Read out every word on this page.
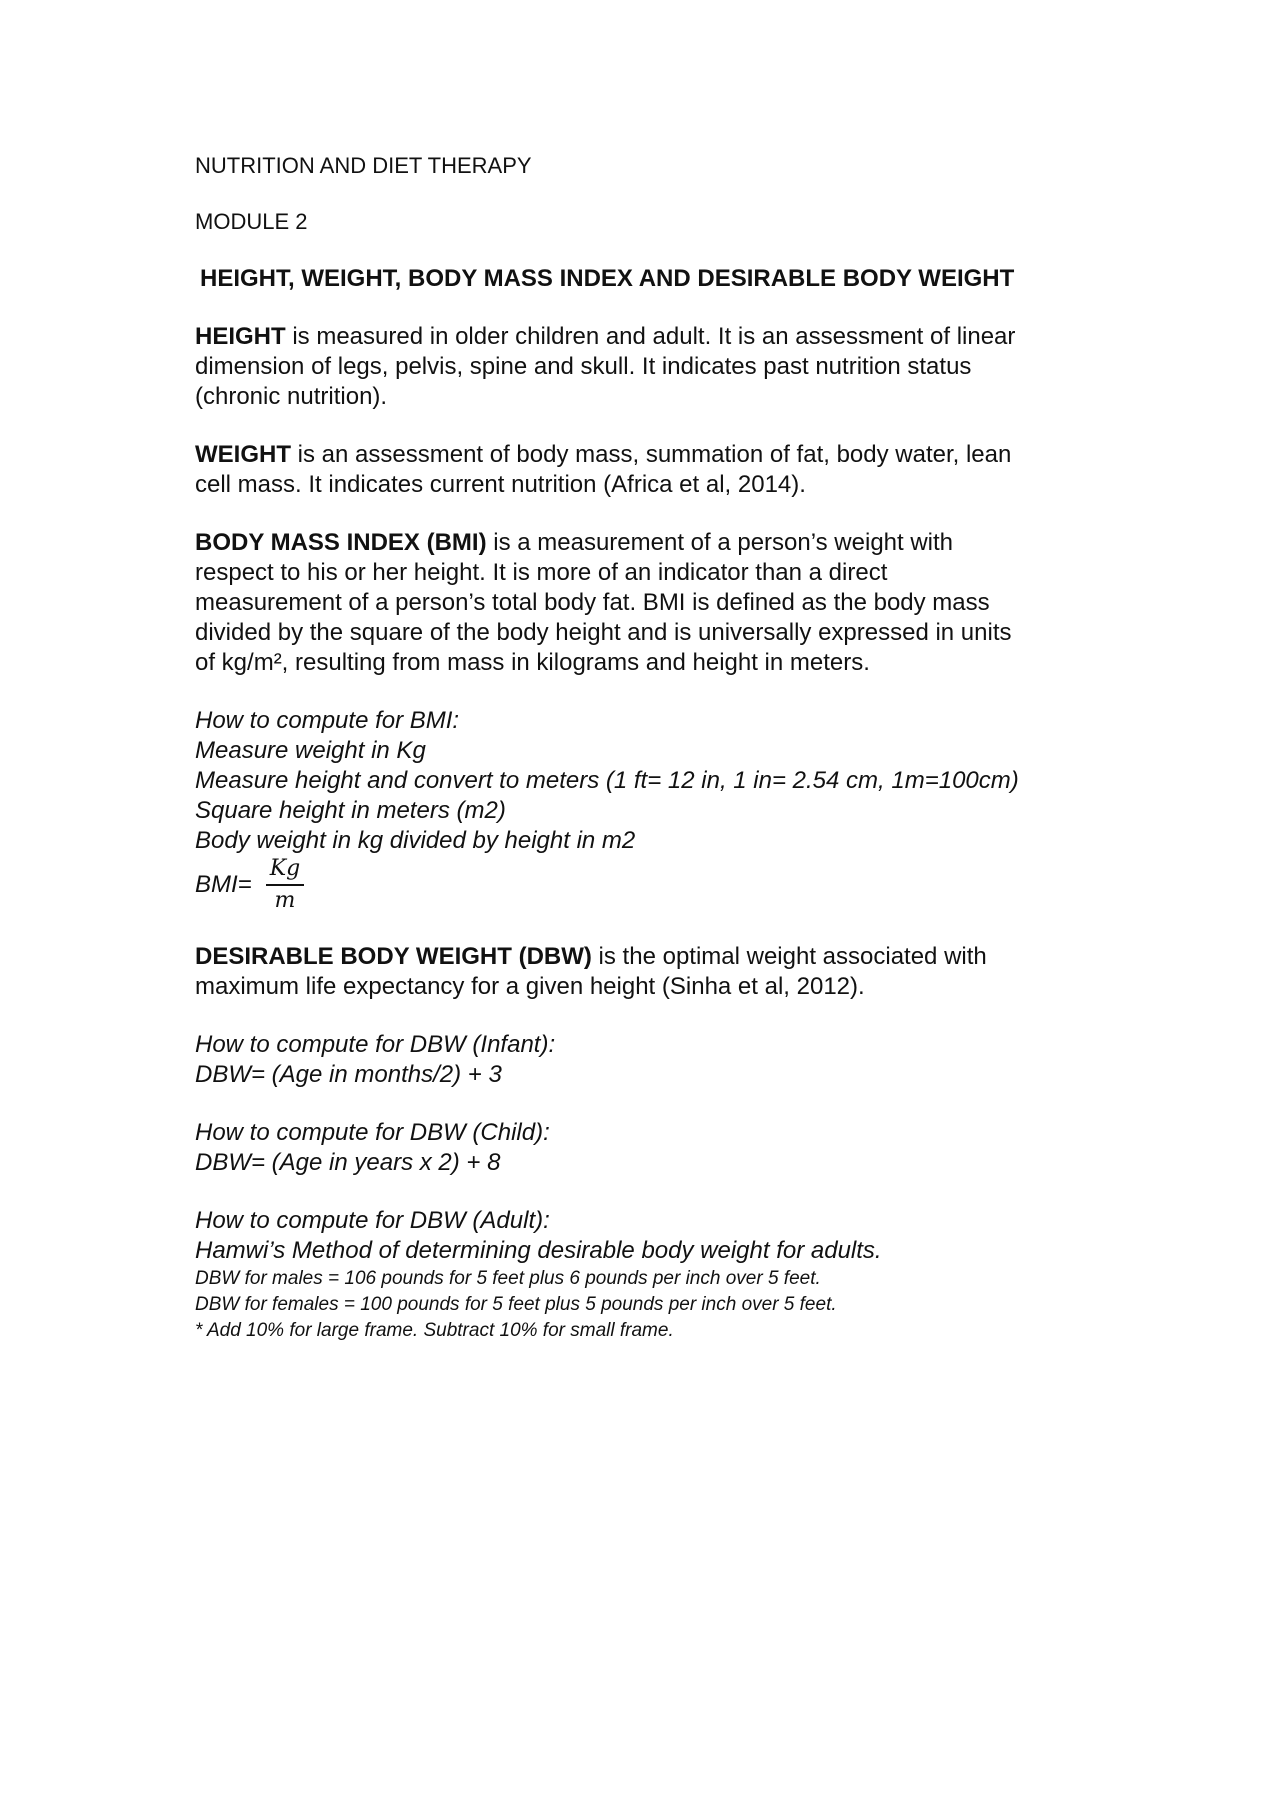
NUTRITION AND DIET THERAPY

MODULE 2

HEIGHT, WEIGHT, BODY MASS INDEX AND DESIRABLE BODY WEIGHT

HEIGHT is measured in older children and adult. It is an assessment of linear

dimension of legs, pelvis, spine and skull. It indicates past nutrition status

(chronic nutrition).

WEIGHT is an assessment of body mass, summation of fat, body water, lean

cell mass. It indicates current nutrition (Africa et al, 2014).

BODY MASS INDEX (BMI) is a measurement of a person’s weight with

respect to his or her height. It is more of an indicator than a direct

measurement of a person’s total body fat. BMI is defined as the body mass

divided by the square of the body height and is universally expressed in units

of kg/m², resulting from mass in kilograms and height in meters.

How to compute for BMI:

Measure weight in Kg

Measure height and convert to meters (1 ft= 12 in, 1 in= 2.54 cm, 1m=100cm)

Square height in meters (m2)

Body weight in kg divided by height in m2

$BMI= \frac{Kg}{m}$

DESIRABLE BODY WEIGHT (DBW) is the optimal weight associated with

maximum life expectancy for a given height (Sinha et al, 2012).

How to compute for DBW (Infant):

DBW= (Age in months/2) + 3

How to compute for DBW (Child):

DBW= (Age in years x 2) + 8

How to compute for DBW (Adult):

Hamwi’s Method of determining desirable body weight for adults.

DBW for males = 106 pounds for 5 feet plus 6 pounds per inch over 5 feet.

DBW for females = 100 pounds for 5 feet plus 5 pounds per inch over 5 feet.

* Add 10% for large frame. Subtract 10% for small frame.
